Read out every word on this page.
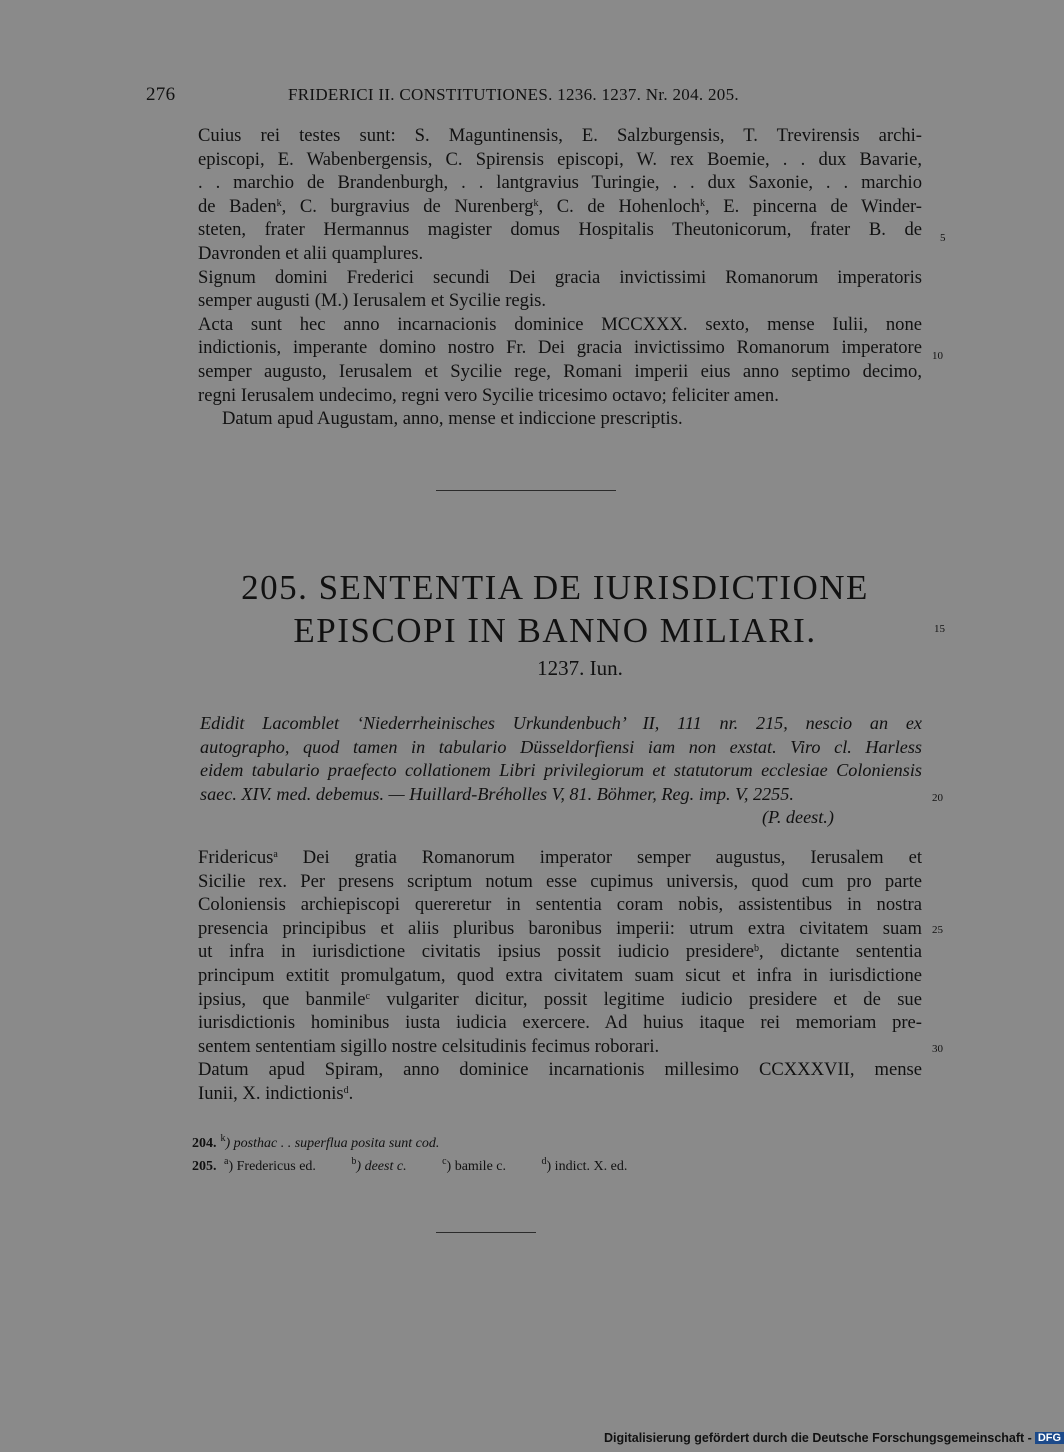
276	FRIDERICI II. CONSTITUTIONES. 1236. 1237. Nr. 204. 205.
Cuius rei testes sunt: S. Maguntinensis, E. Salzburgensis, T. Trevirensis archi-
episcopi, E. Wabenbergensis, C. Spirensis episcopi, W. rex Boemie, . . dux Bavarie,
. . marchio de Brandenburgh, . . lantgravius Turingie, . . dux Saxonie, . . marchio
de Baden$^k$, C. burgravius de Nurenberg$^k$, C. de Hohenloch$^k$, E. pincerna de Winder-
steten, frater Hermannus magister domus Hospitalis Theutonicorum, frater B. de
Davronden et alii quamplures.
Signum domini Frederici secundi Dei gracia invictissimi Romanorum imperatoris
semper augusti (M.) Ierusalem et Sycilie regis.
Acta sunt hec anno incarnacionis dominice MCCXXX. sexto, mense Iulii, none
indictionis, imperante domino nostro Fr. Dei gracia invictissimo Romanorum imperatore
semper augusto, Ierusalem et Sycilie rege, Romani imperii eius anno septimo decimo,
regni Ierusalem undecimo, regni vero Sycilie tricesimo octavo; feliciter amen.
Datum apud Augustam, anno, mense et indiccione prescriptis.
205. SENTENTIA DE IURISDICTIONE
EPISCOPI IN BANNO MILIARI.
1237. Iun.
Edidit Lacomblet ‘Niederrheinisches Urkundenbuch’ II, 111 nr. 215, nescio an ex
autographo, quod tamen in tabulario Düsseldorfiensi iam non exstat. Viro cl. Harless
eidem tabulario praefecto collationem Libri privilegiorum et statutorum ecclesiae Coloniensis
saec. XIV. med. debemus. — Huillard-Bréholles V, 81. Böhmer, Reg. imp. V, 2255.
(P. deest.)
Fridericus$^a$ Dei gratia Romanorum imperator semper augustus, Ierusalem et
Sicilie rex. Per presens scriptum notum esse cupimus universis, quod cum pro parte
Coloniensis archiepiscopi quereretur in sententia coram nobis, assistentibus in nostra
presencia principibus et aliis pluribus baronibus imperii: utrum extra civitatem suam
ut infra in iurisdictione civitatis ipsius possit iudicio presidere$^b$, dictante sententia
principum extitit promulgatum, quod extra civitatem suam sicut et infra in iurisdictione
ipsius, que banmile$^c$ vulgariter dicitur, possit legitime iudicio presidere et de sue
iurisdictionis hominibus iusta iudicia exercere. Ad huius itaque rei memoriam pre-
sentem sententiam sigillo nostre celsitudinis fecimus roborari.
Datum apud Spiram, anno dominice incarnationis millesimo CCXXXVII, mense
Iunii, X. indictionis$^d$.
5
10
15
20
25
30
204. $^k$) posthac . . superflua posita sunt cod.
205. $^a$) Fredericus ed.	$^b$) deest c.	$^c$) bamile c.	$^d$) indict. X. ed.
Digitalisierung gefördert durch die Deutsche Forschungsgemeinschaft - DFG
